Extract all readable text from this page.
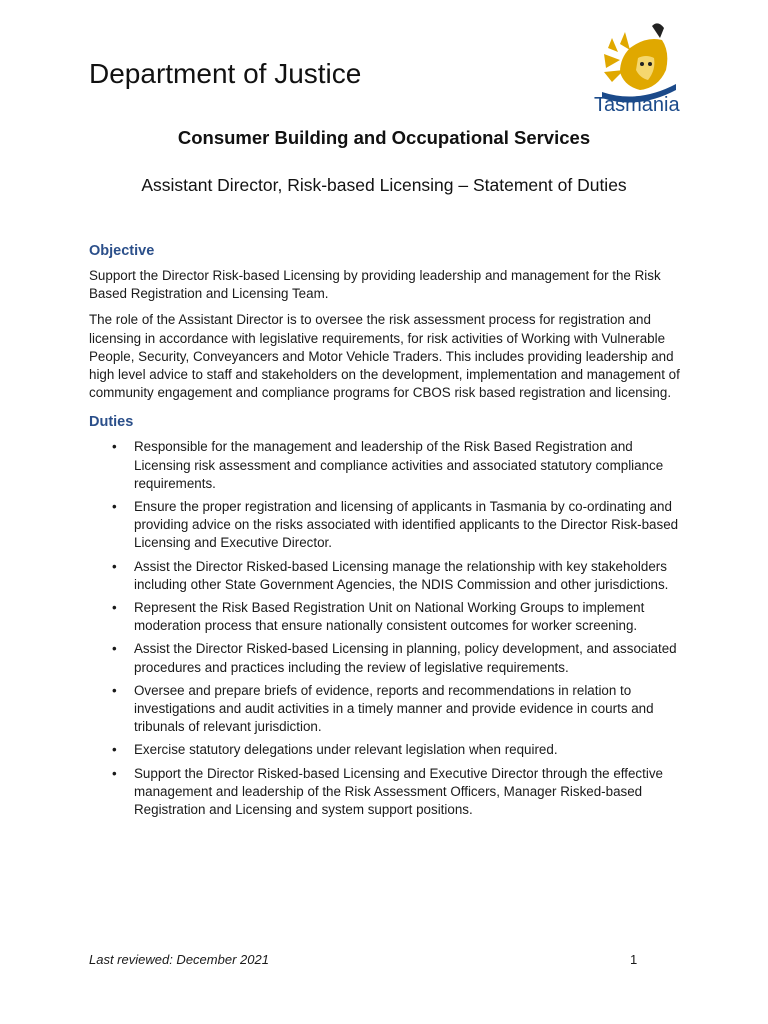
Department of Justice
Tasmania
Consumer Building and Occupational Services
Assistant Director, Risk-based Licensing – Statement of Duties
Objective

Support the Director Risk-based Licensing by providing leadership and management for the Risk Based Registration and Licensing Team.

The role of the Assistant Director is to oversee the risk assessment process for registration and licensing in accordance with legislative requirements, for risk activities of Working with Vulnerable People, Security, Conveyancers and Motor Vehicle Traders. This includes providing leadership and high level advice to staff and stakeholders on the development, implementation and management of community engagement and compliance programs for CBOS risk based registration and licensing.

Duties
• Responsible for the management and leadership of the Risk Based Registration and Licensing risk assessment and compliance activities and associated statutory compliance requirements.
• Ensure the proper registration and licensing of applicants in Tasmania by co-ordinating and providing advice on the risks associated with identified applicants to the Director Risk-based Licensing and Executive Director.
• Assist the Director Risked-based Licensing manage the relationship with key stakeholders including other State Government Agencies, the NDIS Commission and other jurisdictions.
• Represent the Risk Based Registration Unit on National Working Groups to implement moderation process that ensure nationally consistent outcomes for worker screening.
• Assist the Director Risked-based Licensing in planning, policy development, and associated procedures and practices including the review of legislative requirements.
• Oversee and prepare briefs of evidence, reports and recommendations in relation to investigations and audit activities in a timely manner and provide evidence in courts and tribunals of relevant jurisdiction.
• Exercise statutory delegations under relevant legislation when required.
• Support the Director Risked-based Licensing and Executive Director through the effective management and leadership of the Risk Assessment Officers, Manager Risked-based Registration and Licensing and system support positions.
Last reviewed: December 2021	1
